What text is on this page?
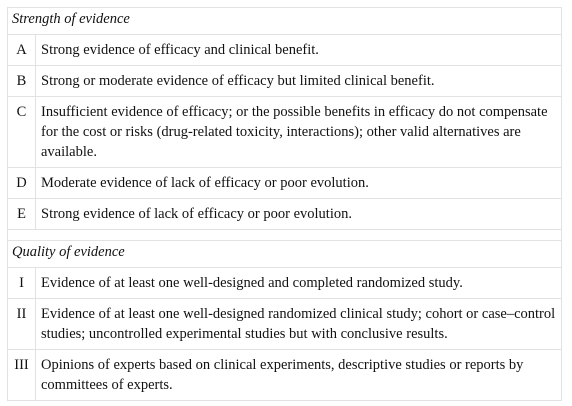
Strength of evidence	
A	Strong evidence of efficacy and clinical benefit.
B	Strong or moderate evidence of efficacy but limited clinical benefit.
C	Insufficient evidence of efficacy; or the possible benefits in efficacy do not compensate for the cost or risks (drug-related toxicity, interactions); other valid alternatives are available.
D	Moderate evidence of lack of efficacy or poor evolution.
E	Strong evidence of lack of efficacy or poor evolution.

Quality of evidence	
I	Evidence of at least one well-designed and completed randomized study.
II	Evidence of at least one well-designed randomized clinical study; cohort or case–control studies; uncontrolled experimental studies but with conclusive results.
III	Opinions of experts based on clinical experiments, descriptive studies or reports by committees of experts.
